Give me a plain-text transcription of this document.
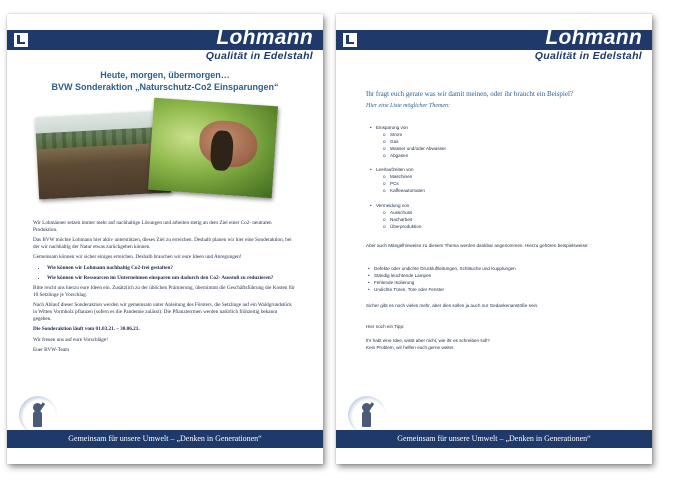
Lohmann
Qualität in Edelstahl
Heute, morgen, übermorgen…
BVW Sonderaktion „Naturschutz-Co2 Einsparungen“

Wir Lohmänner setzen immer mehr auf nachhaltige Lösungen und arbeiten stetig an dem Ziel einer Co2- neutralen Produktion.

Das BVW möchte Lohmann hier aktiv unterstützen, dieses Ziel zu erreichen. Deshalb planen wir hier eine Sonderaktion, bei der wir nachhaltig der Natur etwas zurückgeben können.

Gemeinsam können wir sicher einiges erreichen. Deshalb brauchen wir eure Ideen und Anregungen!

• Wie können wir Lohmann nachhaltig Co2-frei gestalten?
• Wie können wir Ressourcen im Unternehmen einsparen um dadurch den Co2- Ausstoß zu reduzieren?

Bitte reicht uns hierzu eure Ideen ein. Zusätzlich zu der üblichen Prämierung, übernimmt die Geschäftsführung die Kosten für 10 Setzlinge je Vorschlag.

Nach Ablauf dieser Sonderaktion werden wir gemeinsam unter Anleitung des Försters, die Setzlinge auf ein Waldgrundstück in Witten Vormholz pflanzen (sofern es die Pandemie zulässt). Die Pflanzterrmen werden natürlich frühzeitig bekannt gegeben.

Die Sonderaktion läuft vom 01.03.21. – 30.06.21.

Wir freuen uns auf eure Vorschläge!

Euer BVW-Team

Gemeinsam für unsere Umwelt – „Denken in Generationen“
Lohmann
Qualität in Edelstahl
Ihr fragt euch gerate was wir damit meinen, oder ihr braucht ein Beispiel?
Hier eine Liste möglicher Themen:
• Einsparung von
o Strom
o Gas
o Wasser und/oder Abwasser
o Abgasen
• Leerlaufzeiten von
o Maschinen
o PCs
o Kaffeeautomaten
• Vermeidung von
o Ausschuss
o Nacharbeit
o Überproduktion

Aber auch Mängelhinweise zu diesem Thema werden dankbar angenommen. Hierzu gehören beispielsweise:

• Defekte oder undichte Druckluftleitungen, Schläuche und Kupplungen
• Ständig leuchtende Lampen
• Fehlende Isolierung
• Undichte Türen, Tore oder Fenster

Sicher gibt es noch vieles mehr, aber dies sollen ja auch nur Gedankenanstöße sein.

Hier noch ein Tipp:

Ihr habt eine Idee, wisst aber nicht, wie ihr es schreiben soll?

Kein Problem, wir helfen euch gerne weiter.

Gemeinsam für unsere Umwelt – „Denken in Generationen“
